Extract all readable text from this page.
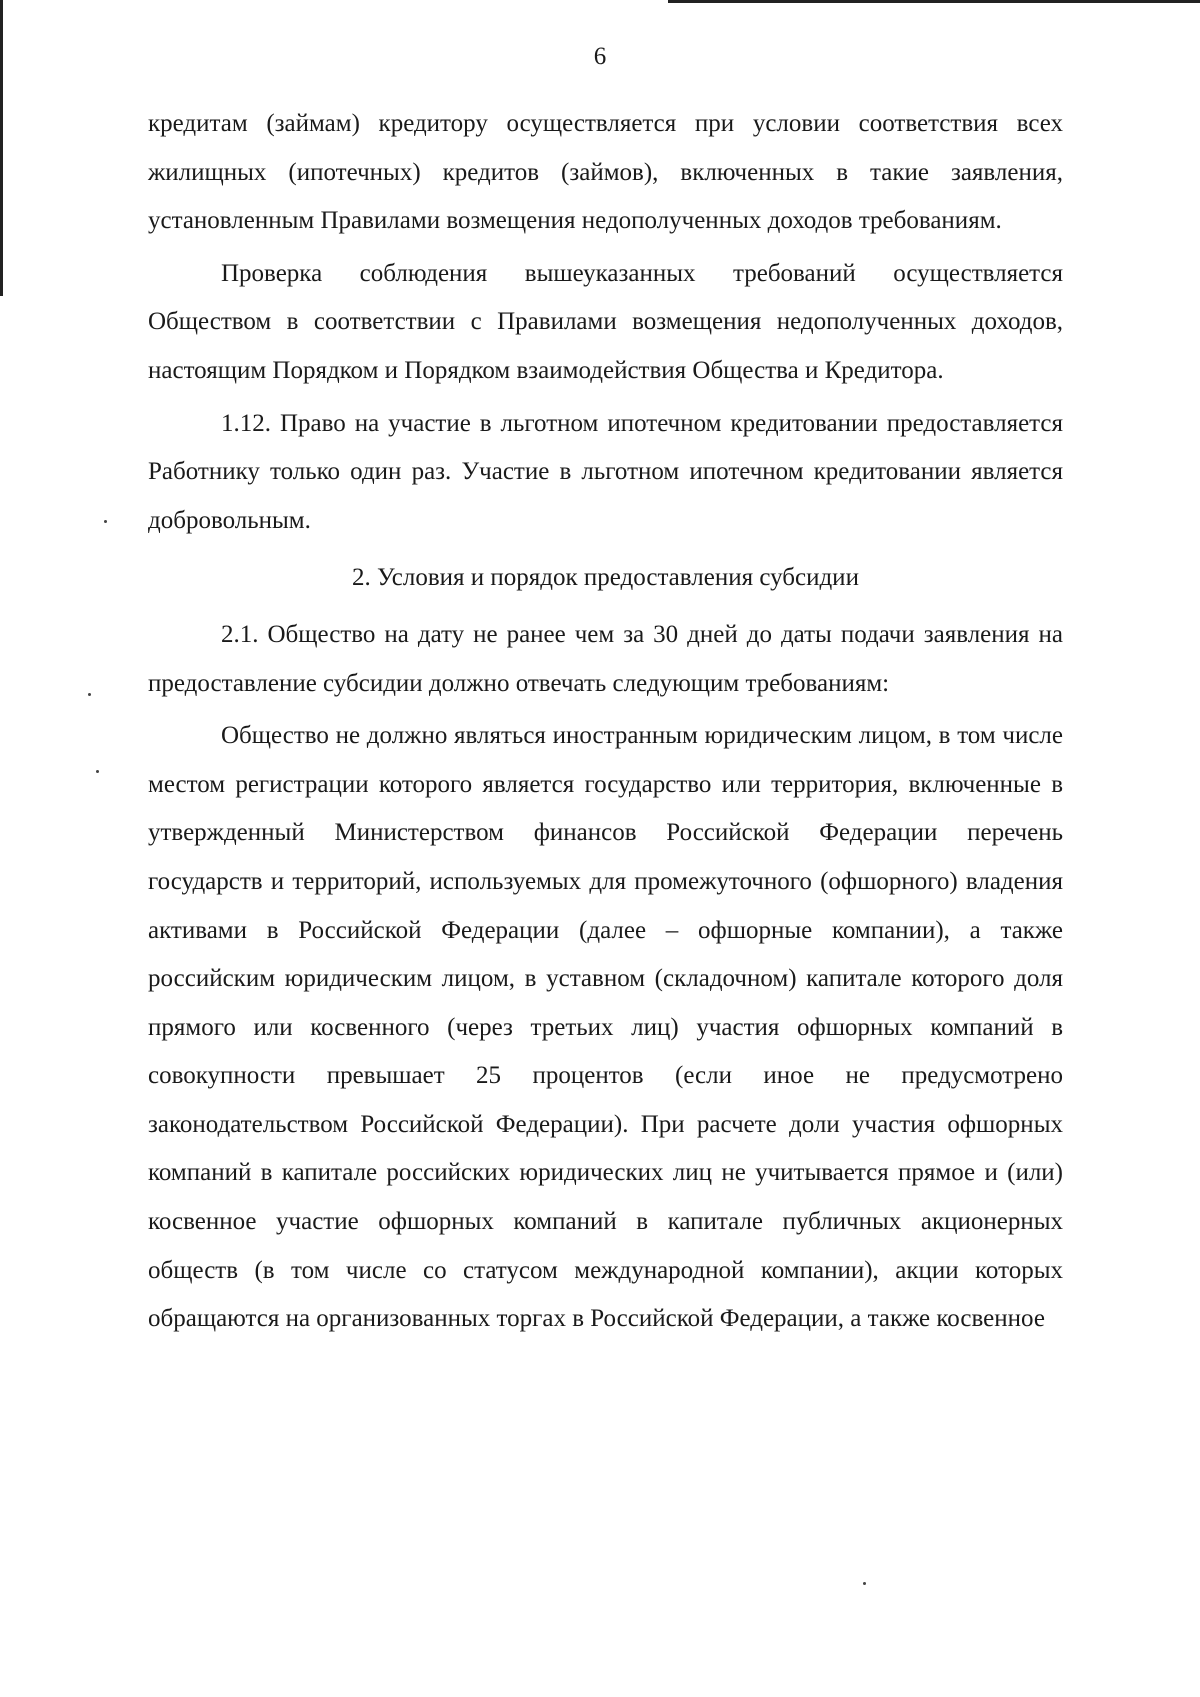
6

кредитам (займам) кредитору осуществляется при условии соответствия всех жилищных (ипотечных) кредитов (займов), включенных в такие заявления, установленным Правилами возмещения недополученных доходов требованиям.

Проверка соблюдения вышеуказанных требований осуществляется Обществом в соответствии с Правилами возмещения недополученных доходов, настоящим Порядком и Порядком взаимодействия Общества и Кредитора.

1.12. Право на участие в льготном ипотечном кредитовании предоставляется Работнику только один раз. Участие в льготном ипотечном кредитовании является добровольным.

2. Условия и порядок предоставления субсидии

2.1. Общество на дату не ранее чем за 30 дней до даты подачи заявления на предоставление субсидии должно отвечать следующим требованиям:

Общество не должно являться иностранным юридическим лицом, в том числе местом регистрации которого является государство или территория, включенные в утвержденный Министерством финансов Российской Федерации перечень государств и территорий, используемых для промежуточного (офшорного) владения активами в Российской Федерации (далее – офшорные компании), а также российским юридическим лицом, в уставном (складочном) капитале которого доля прямого или косвенного (через третьих лиц) участия офшорных компаний в совокупности превышает 25 процентов (если иное не предусмотрено законодательством Российской Федерации). При расчете доли участия офшорных компаний в капитале российских юридических лиц не учитывается прямое и (или) косвенное участие офшорных компаний в капитале публичных акционерных обществ (в том числе со статусом международной компании), акции которых обращаются на организованных торгах в Российской Федерации, а также косвенное
